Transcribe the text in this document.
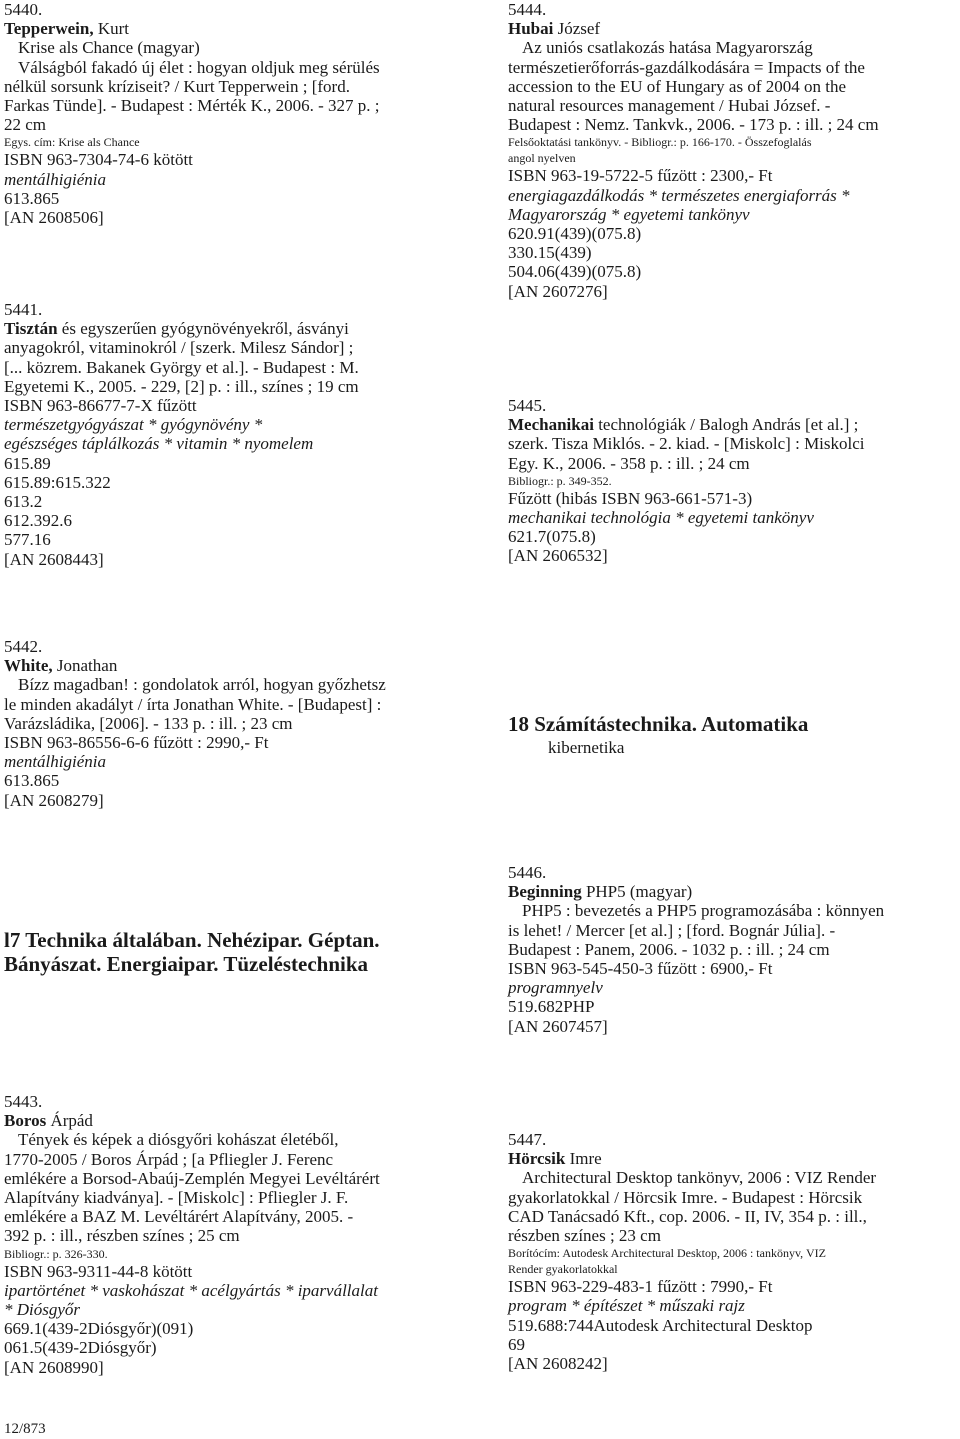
5440.
Tepperwein, Kurt
Krise als Chance (magyar)
Válságból fakadó új élet : hogyan oldjuk meg sérülés
nélkül sorsunk kríziseit? / Kurt Tepperwein ; [ford.
Farkas Tünde]. - Budapest : Mérték K., 2006. - 327 p. ;
22 cm
Egys. cím: Krise als Chance
ISBN 963-7304-74-6 kötött
mentálhigiénia
613.865
[AN 2608506]
5441.
Tisztán és egyszerűen gyógynövényekről, ásványi
anyagokról, vitaminokról / [szerk. Milesz Sándor] ;
[... közrem. Bakanek György et al.]. - Budapest : M.
Egyetemi K., 2005. - 229, [2] p. : ill., színes ; 19 cm
ISBN 963-86677-7-X fűzött
természetgyógyászat * gyógynövény *
egészséges táplálkozás * vitamin * nyomelem
615.89
615.89:615.322
613.2
612.392.6
577.16
[AN 2608443]
5442.
White, Jonathan
Bízz magadban! : gondolatok arról, hogyan győzhetsz
le minden akadályt / írta Jonathan White. - [Budapest] :
Varázsládika, [2006]. - 133 p. : ill. ; 23 cm
ISBN 963-86556-6-6 fűzött : 2990,- Ft
mentálhigiénia
613.865
[AN 2608279]
5443.
Boros Árpád
Tények és képek a diósgyőri kohászat életéből,
1770-2005 / Boros Árpád ; [a Pfliegler J. Ferenc
emlékére a Borsod-Abaúj-Zemplén Megyei Levéltárért
Alapítvány kiadványa]. - [Miskolc] : Pfliegler J. F.
emlékére a BAZ M. Levéltárért Alapítvány, 2005. -
392 p. : ill., részben színes ; 25 cm
Bibliogr.: p. 326-330.
ISBN 963-9311-44-8 kötött
ipartörténet * vaskohászat * acélgyártás * iparvállalat
* Diósgyőr
669.1(439-2Diósgyőr)(091)
061.5(439-2Diósgyőr)
[AN 2608990]
5444.
Hubai József
Az uniós csatlakozás hatása Magyarország
természetierőforrás-gazdálkodására = Impacts of the
accession to the EU of Hungary as of 2004 on the
natural resources management / Hubai József. -
Budapest : Nemz. Tankvk., 2006. - 173 p. : ill. ; 24 cm
Felsőoktatási tankönyv. - Bibliogr.: p. 166-170. - Összefoglalás
angol nyelven
ISBN 963-19-5722-5 fűzött : 2300,- Ft
energiagazdálkodás * természetes energiaforrás *
Magyarország * egyetemi tankönyv
620.91(439)(075.8)
330.15(439)
504.06(439)(075.8)
[AN 2607276]
5445.
Mechanikai technológiák / Balogh András [et al.] ;
szerk. Tisza Miklós. - 2. kiad. - [Miskolc] : Miskolci
Egy. K., 2006. - 358 p. : ill. ; 24 cm
Bibliogr.: p. 349-352.
Fűzött (hibás ISBN 963-661-571-3)
mechanikai technológia * egyetemi tankönyv
621.7(075.8)
[AN 2606532]
18 Számítástechnika. Automatika
kibernetika
l7 Technika általában. Nehézipar. Géptan.
Bányászat. Energiaipar. Tüzeléstechnika
5446.
Beginning PHP5 (magyar)
PHP5 : bevezetés a PHP5 programozásába : könnyen
is lehet! / Mercer [et al.] ; [ford. Bognár Júlia]. -
Budapest : Panem, 2006. - 1032 p. : ill. ; 24 cm
ISBN 963-545-450-3 fűzött : 6900,- Ft
programnyelv
519.682PHP
[AN 2607457]
5447.
Hörcsik Imre
Architectural Desktop tankönyv, 2006 : VIZ Render
gyakorlatokkal / Hörcsik Imre. - Budapest : Hörcsik
CAD Tanácsadó Kft., cop. 2006. - II, IV, 354 p. : ill.,
részben színes ; 23 cm
Borítócím: Autodesk Architectural Desktop, 2006 : tankönyv, VIZ
Render gyakorlatokkal
ISBN 963-229-483-1 fűzött : 7990,- Ft
program * építészet * műszaki rajz
519.688:744Autodesk Architectural Desktop
69
[AN 2608242]
12/873
